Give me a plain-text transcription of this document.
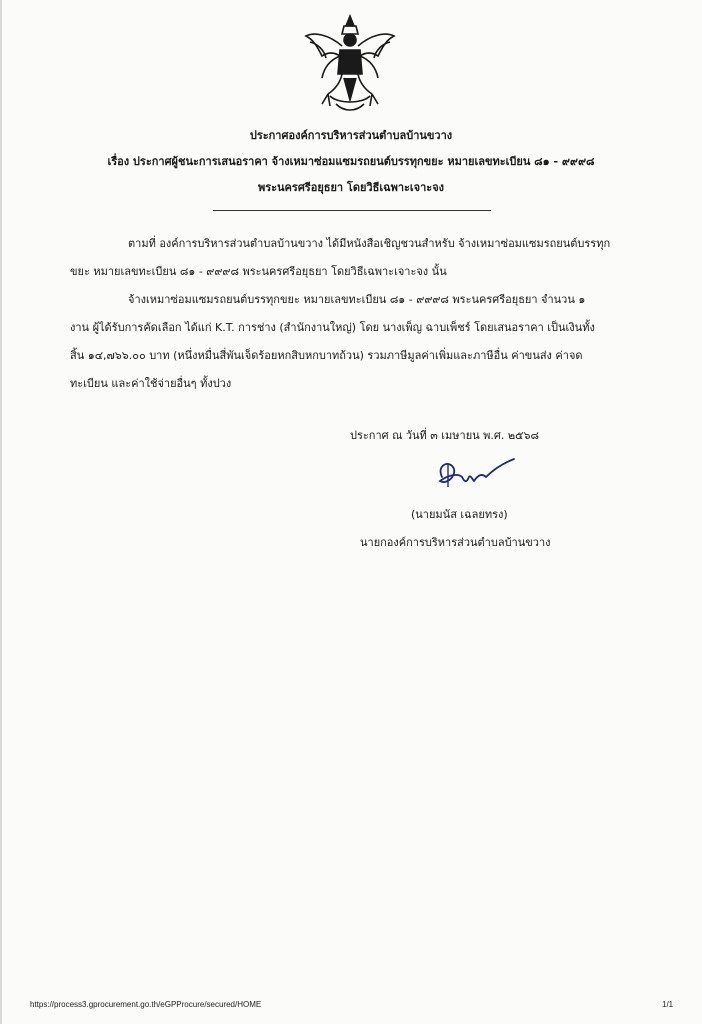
ประกาศองค์การบริหารส่วนตำบลบ้านขวาง
เรื่อง ประกาศผู้ชนะการเสนอราคา จ้างเหมาซ่อมแซมรถยนต์บรรทุกขยะ หมายเลขทะเบียน ๘๑ - ๙๙๙๘
พระนครศรีอยุธยา โดยวิธีเฉพาะเจาะจง
ตามที่ องค์การบริหารส่วนตำบลบ้านขวาง ได้มีหนังสือเชิญชวนสำหรับ จ้างเหมาซ่อมแซมรถยนต์บรรทุก
ขยะ หมายเลขทะเบียน ๘๑ - ๙๙๙๘ พระนครศรีอยุธยา โดยวิธีเฉพาะเจาะจง นั้น
จ้างเหมาซ่อมแซมรถยนต์บรรทุกขยะ หมายเลขทะเบียน ๘๑ - ๙๙๙๘ พระนครศรีอยุธยา จำนวน ๑
งาน ผู้ได้รับการคัดเลือก ได้แก่ K.T. การช่าง (สำนักงานใหญ่) โดย นางเพ็ญ ฉาบเพ็ชร์ โดยเสนอราคา เป็นเงินทั้ง
สิ้น ๑๔,๗๖๖.๐๐ บาท (หนึ่งหมื่นสี่พันเจ็ดร้อยหกสิบหกบาทถ้วน) รวมภาษีมูลค่าเพิ่มและภาษีอื่น ค่าขนส่ง ค่าจด
ทะเบียน และค่าใช้จ่ายอื่นๆ ทั้งปวง
ประกาศ ณ วันที่ ๓ เมษายน พ.ศ. ๒๕๖๘
(นายมนัส เฉลยทรง)
นายกองค์การบริหารส่วนตำบลบ้านขวาง
https://process3.gprocurement.go.th/eGPProcure/secured/HOME	1/1
